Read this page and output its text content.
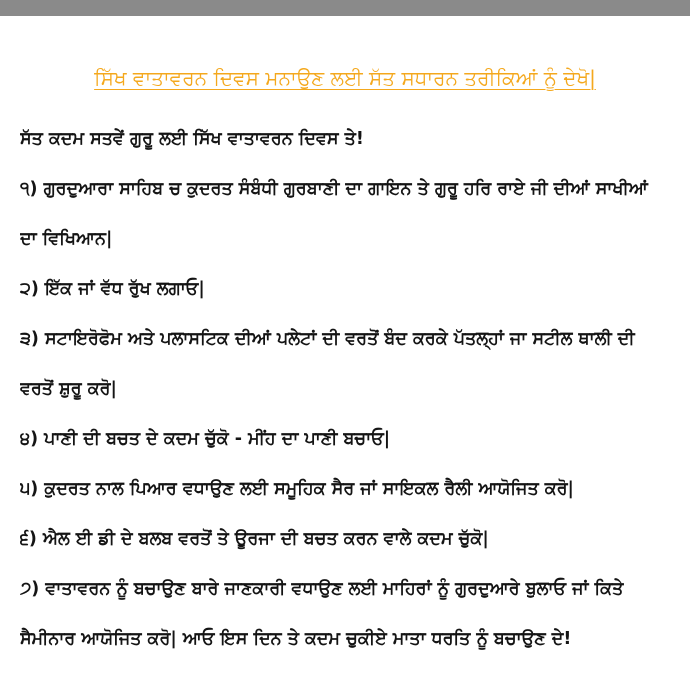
ਸਿੱਖ ਵਾਤਾਵਰਨ ਦਿਵਸ ਮਨਾਉਣ ਲਈ ਸੱਤ ਸਧਾਰਨ ਤਰੀਕਿਆਂ ਨੂੰ ਦੇਖੋ|
ਸੱਤ ਕਦਮ ਸਤਵੇਂ ਗੁਰੂ ਲਈ ਸਿੱਖ ਵਾਤਾਵਰਨ ਦਿਵਸ ਤੇ!
੧) ਗੁਰਦੁਆਰਾ ਸਾਹਿਬ ਚ ਕੁਦਰਤ ਸੰਬੰਧੀ ਗੁਰਬਾਣੀ ਦਾ ਗਾਇਨ ਤੇ ਗੁਰੂ ਹਰਿ ਰਾਏ ਜੀ ਦੀਆਂ ਸਾਖੀਆਂ
ਦਾ ਵਿਖਿਆਨ|
੨) ਇੱਕ ਜਾਂ ਵੱਧ ਰੁੱਖ ਲਗਾਓ|
੩) ਸਟਾਇਰੋਫੋਮ ਅਤੇ ਪਲਾਸਟਿਕ ਦੀਆਂ ਪਲੇਟਾਂ ਦੀ ਵਰਤੋਂ ਬੰਦ ਕਰਕੇ ਪੱਤਲ੍ਹਾਂ ਜਾ ਸਟੀਲ ਥਾਲੀ ਦੀ
ਵਰਤੋਂ ਸ਼ੁਰੂ ਕਰੋ|
੪) ਪਾਣੀ ਦੀ ਬਚਤ ਦੇ ਕਦਮ ਚੁੱਕੋ - ਮੀਂਹ ਦਾ ਪਾਣੀ ਬਚਾਓ|
੫) ਕੁਦਰਤ ਨਾਲ ਪਿਆਰ ਵਧਾਉਣ ਲਈ ਸਮੂਹਿਕ ਸੈਰ ਜਾਂ ਸਾਇਕਲ ਰੈਲੀ ਆਯੋਜਿਤ ਕਰੋ|
੬) ਐਲ ਈ ਡੀ ਦੇ ਬਲਬ ਵਰਤੋਂ ਤੇ ਊਰਜਾ ਦੀ ਬਚਤ ਕਰਨ ਵਾਲੇ ਕਦਮ ਚੁੱਕੋ|
੭) ਵਾਤਾਵਰਨ ਨੂੰ ਬਚਾਉਣ ਬਾਰੇ ਜਾਣਕਾਰੀ ਵਧਾਉਣ ਲਈ ਮਾਹਿਰਾਂ ਨੂੰ ਗੁਰਦੁਆਰੇ ਬੁਲਾਓ ਜਾਂ ਕਿਤੇ
ਸੈਮੀਨਾਰ ਆਯੋਜਿਤ ਕਰੋ| ਆਓ ਇਸ ਦਿਨ ਤੇ ਕਦਮ ਚੁਕੀਏ ਮਾਤਾ ਧਰਤਿ ਨੂੰ ਬਚਾਉਣ ਦੇ!
